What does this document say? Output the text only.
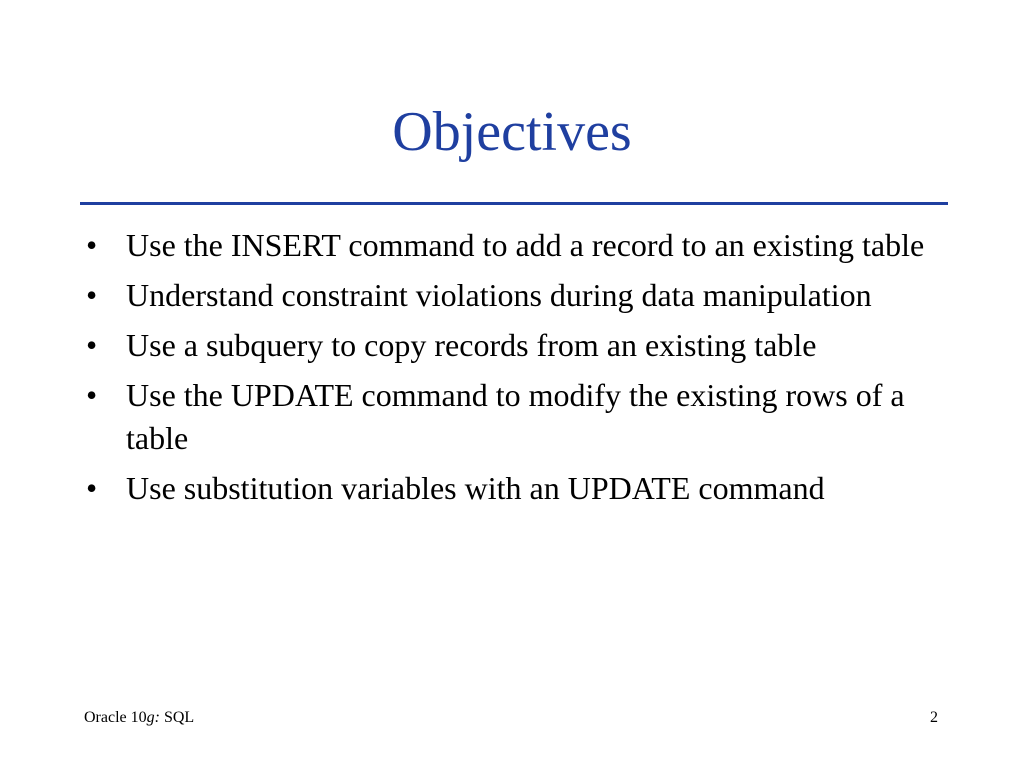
Objectives
• Use the INSERT command to add a record to an existing table
• Understand constraint violations during data manipulation
• Use a subquery to copy records from an existing table
• Use the UPDATE command to modify the existing rows of a table
• Use substitution variables with an UPDATE command
Oracle 10g: SQL	2
